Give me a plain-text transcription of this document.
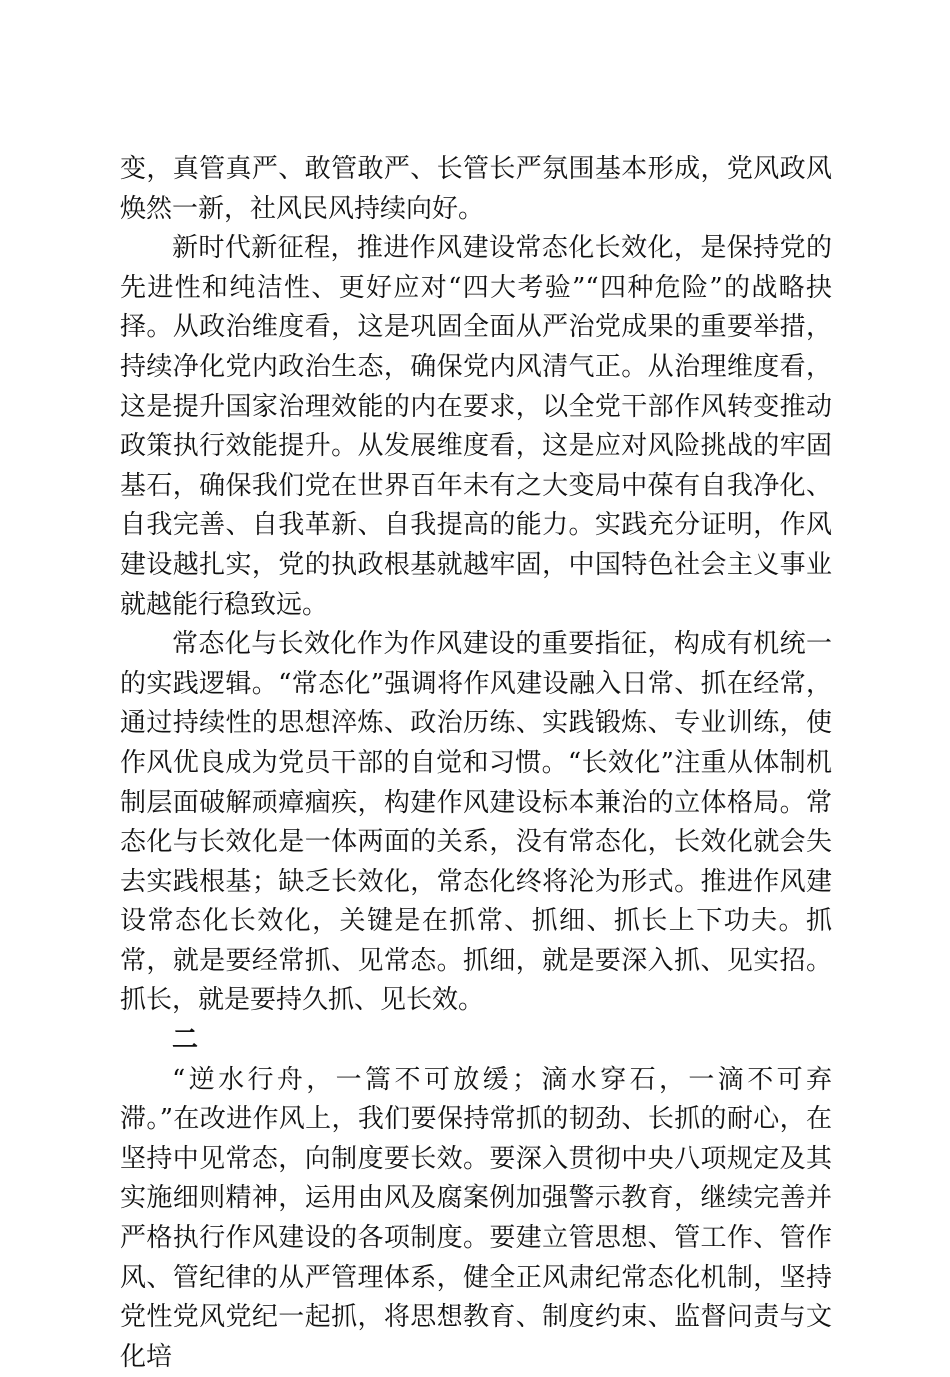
变，真管真严、敢管敢严、长管长严氛围基本形成，党风政风焕然一新，社风民风持续向好。

新时代新征程，推进作风建设常态化长效化，是保持党的先进性和纯洁性、更好应对“四大考验”“四种危险”的战略抉择。从政治维度看，这是巩固全面从严治党成果的重要举措，持续净化党内政治生态，确保党内风清气正。从治理维度看，这是提升国家治理效能的内在要求，以全党干部作风转变推动政策执行效能提升。从发展维度看，这是应对风险挑战的牢固基石，确保我们党在世界百年未有之大变局中葆有自我净化、自我完善、自我革新、自我提高的能力。实践充分证明，作风建设越扎实，党的执政根基就越牢固，中国特色社会主义事业就越能行稳致远。

常态化与长效化作为作风建设的重要指征，构成有机统一的实践逻辑。“常态化”强调将作风建设融入日常、抓在经常，通过持续性的思想淬炼、政治历练、实践锻炼、专业训练，使作风优良成为党员干部的自觉和习惯。“长效化”注重从体制机制层面破解顽瘴痼疾，构建作风建设标本兼治的立体格局。常态化与长效化是一体两面的关系，没有常态化，长效化就会失去实践根基；缺乏长效化，常态化终将沦为形式。推进作风建设常态化长效化，关键是在抓常、抓细、抓长上下功夫。抓常，就是要经常抓、见常态。抓细，就是要深入抓、见实招。抓长，就是要持久抓、见长效。

二

“逆水行舟，一篙不可放缓；滴水穿石，一滴不可弃滞。”在改进作风上，我们要保持常抓的韧劲、长抓的耐心，在坚持中见常态，向制度要长效。要深入贯彻中央八项规定及其实施细则精神，运用由风及腐案例加强警示教育，继续完善并严格执行作风建设的各项制度。要建立管思想、管工作、管作风、管纪律的从严管理体系，健全正风肃纪常态化机制，坚持党性党风党纪一起抓，将思想教育、制度约束、监督问责与文化培
